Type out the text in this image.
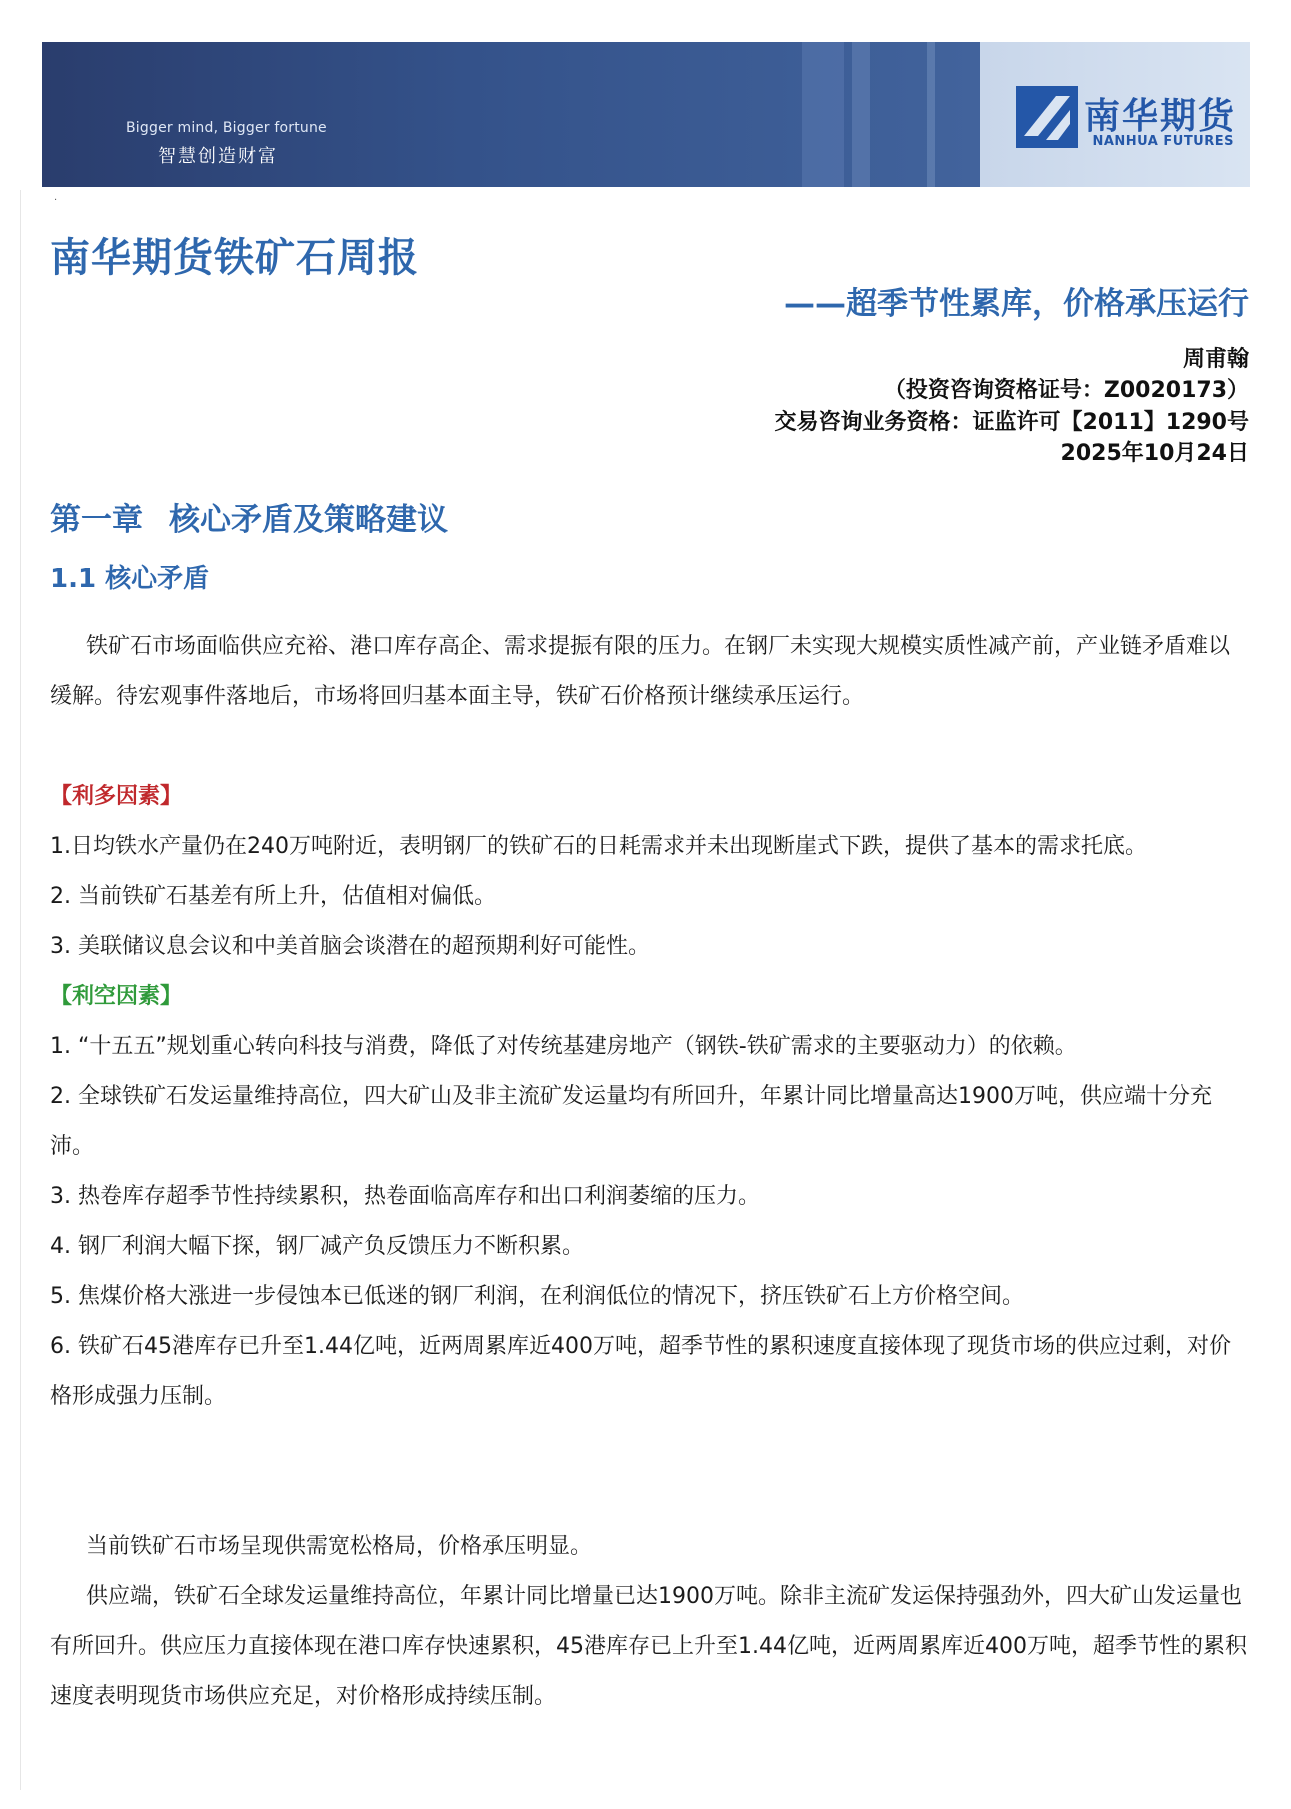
Bigger mind, Bigger fortune
智慧创造财富
南华期货
NANHUA FUTURES
.
南华期货铁矿石周报
——超季节性累库，价格承压运行
周甫翰
（投资咨询资格证号：Z0020173）
交易咨询业务资格：证监许可【2011】1290号
2025年10月24日
第一章 核心矛盾及策略建议
1.1 核心矛盾

铁矿石市场面临供应充裕、港口库存高企、需求提振有限的压力。在钢厂未实现大规模实质性减产前，产业链矛盾难以缓解。待宏观事件落地后，市场将回归基本面主导，铁矿石价格预计继续承压运行。

【利多因素】

1.日均铁水产量仍在240万吨附近，表明钢厂的铁矿石的日耗需求并未出现断崖式下跌，提供了基本的需求托底。

2. 当前铁矿石基差有所上升，估值相对偏低。

3. 美联储议息会议和中美首脑会谈潜在的超预期利好可能性。

【利空因素】

1. “十五五”规划重心转向科技与消费，降低了对传统基建房地产（钢铁-铁矿需求的主要驱动力）的依赖。

2. 全球铁矿石发运量维持高位，四大矿山及非主流矿发运量均有所回升，年累计同比增量高达1900万吨，供应端十分充沛。

3. 热卷库存超季节性持续累积，热卷面临高库存和出口利润萎缩的压力。

4. 钢厂利润大幅下探，钢厂减产负反馈压力不断积累。

5. 焦煤价格大涨进一步侵蚀本已低迷的钢厂利润，在利润低位的情况下，挤压铁矿石上方价格空间。

6. 铁矿石45港库存已升至1.44亿吨，近两周累库近400万吨，超季节性的累积速度直接体现了现货市场的供应过剩，对价格形成强力压制。

当前铁矿石市场呈现供需宽松格局，价格承压明显。

供应端，铁矿石全球发运量维持高位，年累计同比增量已达1900万吨。除非主流矿发运保持强劲外，四大矿山发运量也有所回升。供应压力直接体现在港口库存快速累积，45港库存已上升至1.44亿吨，近两周累库近400万吨，超季节性的累积速度表明现货市场供应充足，对价格形成持续压制。
